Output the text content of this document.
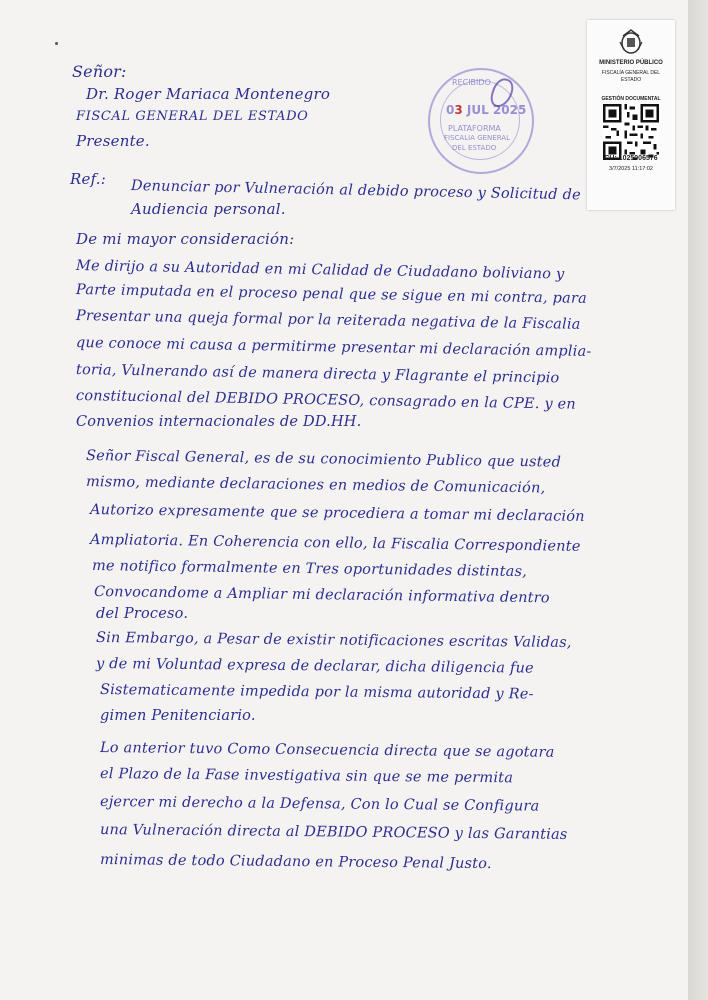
Señor:
Dr. Roger Mariaca Montenegro
FISCAL GENERAL DEL ESTADO
Presente.
Ref.: Denunciar por Vulneración al debido proceso y Solicitud de
Audiencia personal.
De mi mayor consideración:
Me dirijo a su Autoridad en mi Calidad de Ciudadano boliviano y
Parte imputada en el proceso penal que se sigue en mi contra, para
Presentar una queja formal por la reiterada negativa de la Fiscalia
que conoce mi causa a permitirme presentar mi declaración amplia-
toria, Vulnerando así de manera directa y Flagrante el principio
constitucional del DEBIDO PROCESO, consagrado en la CPE. y en
Convenios internacionales de DD.HH.
Señor Fiscal General, es de su conocimiento Publico que usted
mismo, mediante declaraciones en medios de Comunicación,
Autorizo expresamente que se procediera a tomar mi declaración
Ampliatoria. En Coherencia con ello, la Fiscalia Correspondiente
me notifico formalmente en Tres oportunidades distintas,
Convocandome a Ampliar mi declaración informativa dentro
del Proceso.
Sin Embargo, a Pesar de existir notificaciones escritas Validas,
y de mi Voluntad expresa de declarar, dicha diligencia fue
Sistematicamente impedida por la misma autoridad y Re-
gimen Penitenciario.
Lo anterior tuvo Como Consecuencia directa que se agotara
el Plazo de la Fase investigativa sin que se me permita
ejercer mi derecho a la Defensa, Con lo Cual se Configura
una Vulneración directa al DEBIDO PROCESO y las Garantias
minimas de todo Ciudadano en Proceso Penal Justo.
RECIBIDO
03 JUL 2025
PLATAFORMA
FISCALIA GENERAL
DEL ESTADO
MINISTERIO PÚBLICO
FISCALÍA GENERAL DEL
ESTADO
GESTIÓN DOCUMENTAL
CU: 1025006576
3/7/2025 11:17:02
